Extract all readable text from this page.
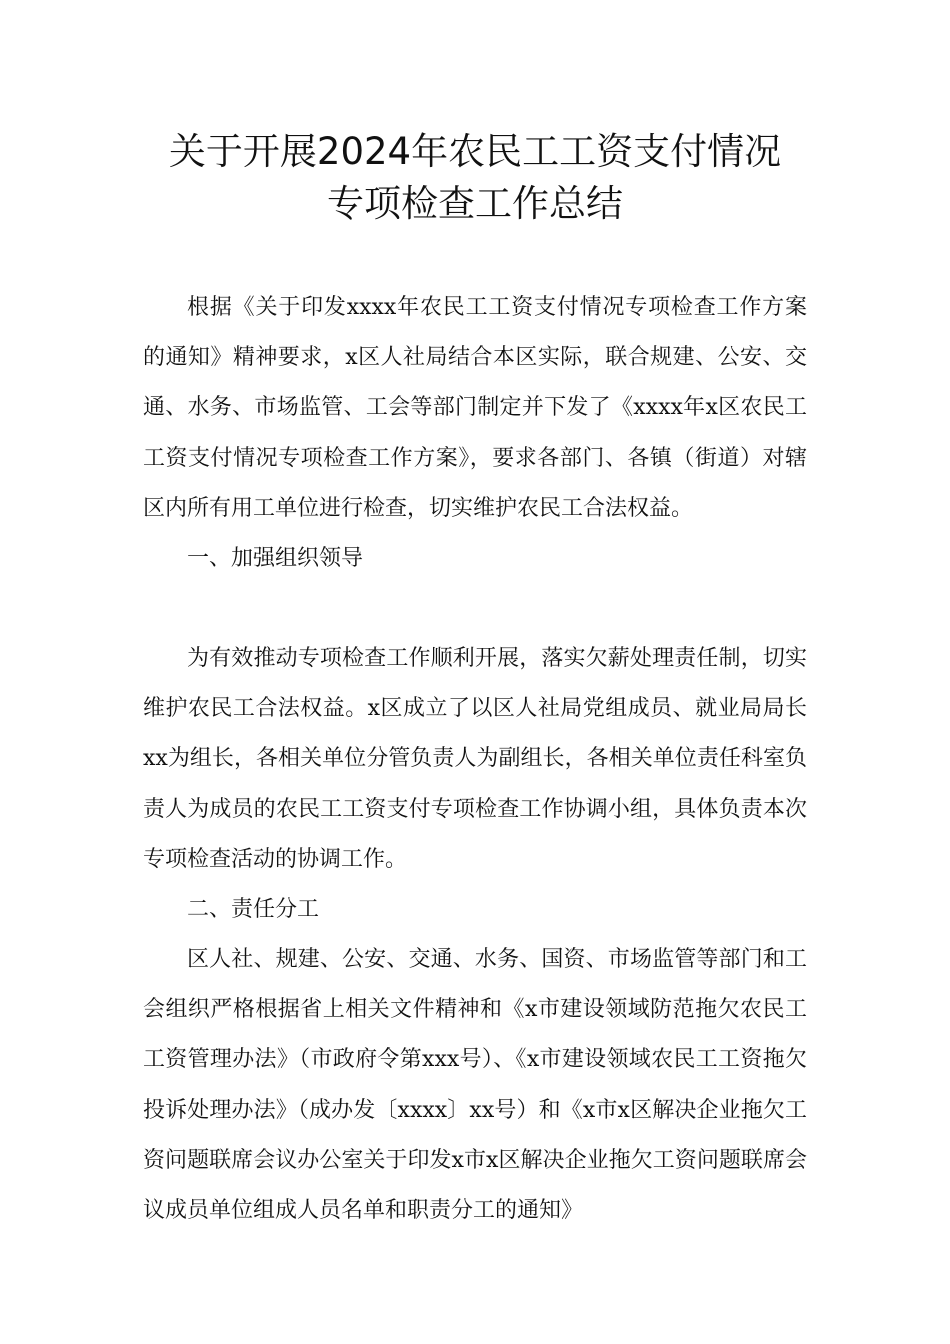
关于开展2024年农民工工资支付情况
专项检查工作总结

根据《关于印发xxxx年农民工工资支付情况专项检查工作方案的通知》精神要求，x区人社局结合本区实际，联合规建、公安、交通、水务、市场监管、工会等部门制定并下发了《xxxx年x区农民工工资支付情况专项检查工作方案》，要求各部门、各镇（街道）对辖区内所有用工单位进行检查，切实维护农民工合法权益。

一、加强组织领导

为有效推动专项检查工作顺利开展，落实欠薪处理责任制，切实维护农民工合法权益。x区成立了以区人社局党组成员、就业局局长xx为组长，各相关单位分管负责人为副组长，各相关单位责任科室负责人为成员的农民工工资支付专项检查工作协调小组，具体负责本次专项检查活动的协调工作。

二、责任分工

区人社、规建、公安、交通、水务、国资、市场监管等部门和工会组织严格根据省上相关文件精神和《x市建设领域防范拖欠农民工工资管理办法》（市政府令第xxx号）、《x市建设领域农民工工资拖欠投诉处理办法》（成办发〔xxxx〕xx号）和《x市x区解决企业拖欠工资问题联席会议办公室关于印发x市x区解决企业拖欠工资问题联席会议成员单位组成人员名单和职责分工的通知》
